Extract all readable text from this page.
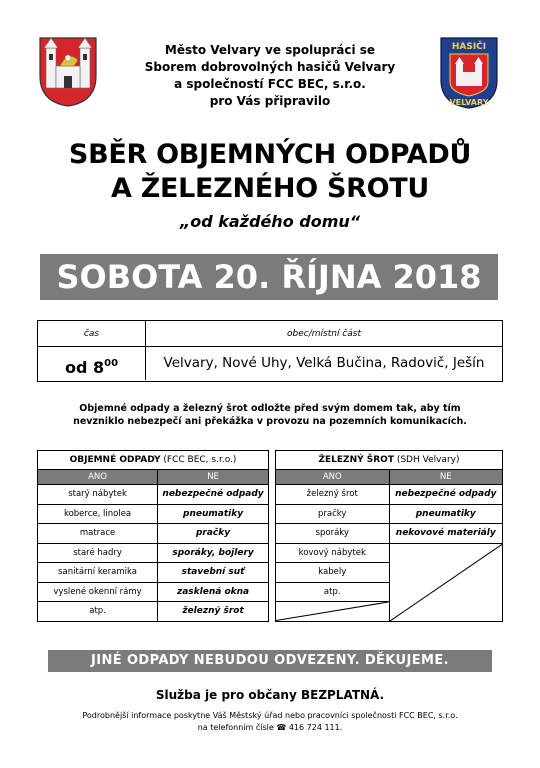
Město Velvary ve spolupráci se
Sborem dobrovolných hasičů Velvary
a společností FCC BEC, s.r.o.
pro Vás připravilo
HASIČI
VELVARY
SBĚR OBJEMNÝCH ODPADŮ
A ŽELEZNÉHO ŠROTU
„od každého domu“
SOBOTA 20. ŘÍJNA 2018
čas	obec/místní část
od $8^{00}$	Velvary, Nové Uhy, Velká Bučina, Radovič, Ješín
Objemné odpady a železný šrot odložte před svým domem tak, aby tím nevzniklo nebezpečí ani překážka v provozu na pozemních komunikacích.
OBJEMNÉ ODPADY (FCC BEC, s.r.o.)	
ANO	NE
starý nábytek	nebezpečné odpady
koberce, linolea	pneumatiky
matrace	pračky
staré hadry	sporáky, bojlery
sanitární keramika	stavební suť
vyslené okenní rámy	zasklená okna
atp.	železný šrot
ŽELEZNÝ ŠROT (SDH Velvary)	
ANO	NE
železný šrot	nebezpečné odpady
pračky	pneumatiky
sporáky	nekovové materiály
kovový nábytek	

kabely	
atp.	

JINÉ ODPADY NEBUDOU ODVEZENY. DĚKUJEME.
Služba je pro občany BEZPLATNÁ.
Podrobnější informace poskytne Váš Městský úřad nebo pracovníci společnosti FCC BEC, s.r.o.
na telefonním čísle ☎ 416 724 111.
